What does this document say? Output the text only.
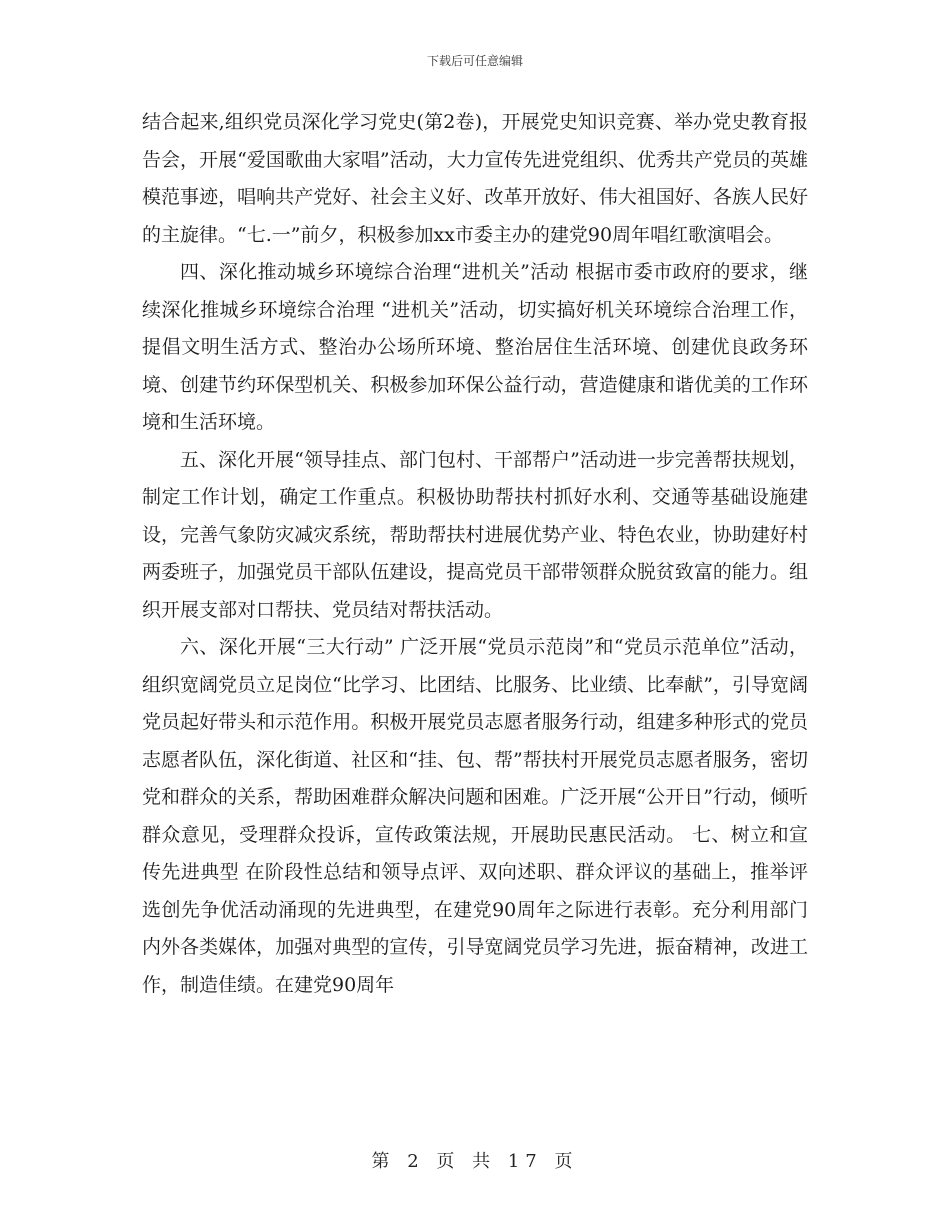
下载后可任意编辑

结合起来,组织党员深化学习党史(第2卷)，开展党史知识竞赛、举办党史教育报告会，开展“爱国歌曲大家唱”活动，大力宣传先进党组织、优秀共产党员的英雄模范事迹，唱响共产党好、社会主义好、改革开放好、伟大祖国好、各族人民好的主旋律。“七.一”前夕，积极参加xx市委主办的建党90周年唱红歌演唱会。

四、深化推动城乡环境综合治理“进机关”活动 根据市委市政府的要求，继续深化推城乡环境综合治理 “进机关”活动，切实搞好机关环境综合治理工作，提倡文明生活方式、整治办公场所环境、整治居住生活环境、创建优良政务环境、创建节约环保型机关、积极参加环保公益行动，营造健康和谐优美的工作环境和生活环境。

五、深化开展“领导挂点、部门包村、干部帮户”活动进一步完善帮扶规划，制定工作计划，确定工作重点。积极协助帮扶村抓好水利、交通等基础设施建设，完善气象防灾减灾系统，帮助帮扶村进展优势产业、特色农业，协助建好村两委班子，加强党员干部队伍建设，提高党员干部带领群众脱贫致富的能力。组织开展支部对口帮扶、党员结对帮扶活动。

六、深化开展“三大行动” 广泛开展“党员示范岗”和“党员示范单位”活动，组织宽阔党员立足岗位“比学习、比团结、比服务、比业绩、比奉献”，引导宽阔党员起好带头和示范作用。积极开展党员志愿者服务行动，组建多种形式的党员志愿者队伍，深化街道、社区和“挂、包、帮”帮扶村开展党员志愿者服务，密切党和群众的关系，帮助困难群众解决问题和困难。广泛开展“公开日”行动，倾听群众意见，受理群众投诉，宣传政策法规，开展助民惠民活动。 七、树立和宣传先进典型 在阶段性总结和领导点评、双向述职、群众评议的基础上，推举评选创先争优活动涌现的先进典型，在建党90周年之际进行表彰。充分利用部门内外各类媒体，加强对典型的宣传，引导宽阔党员学习先进，振奋精神，改进工作，制造佳绩。在建党90周年

第 2 页 共 17 页
